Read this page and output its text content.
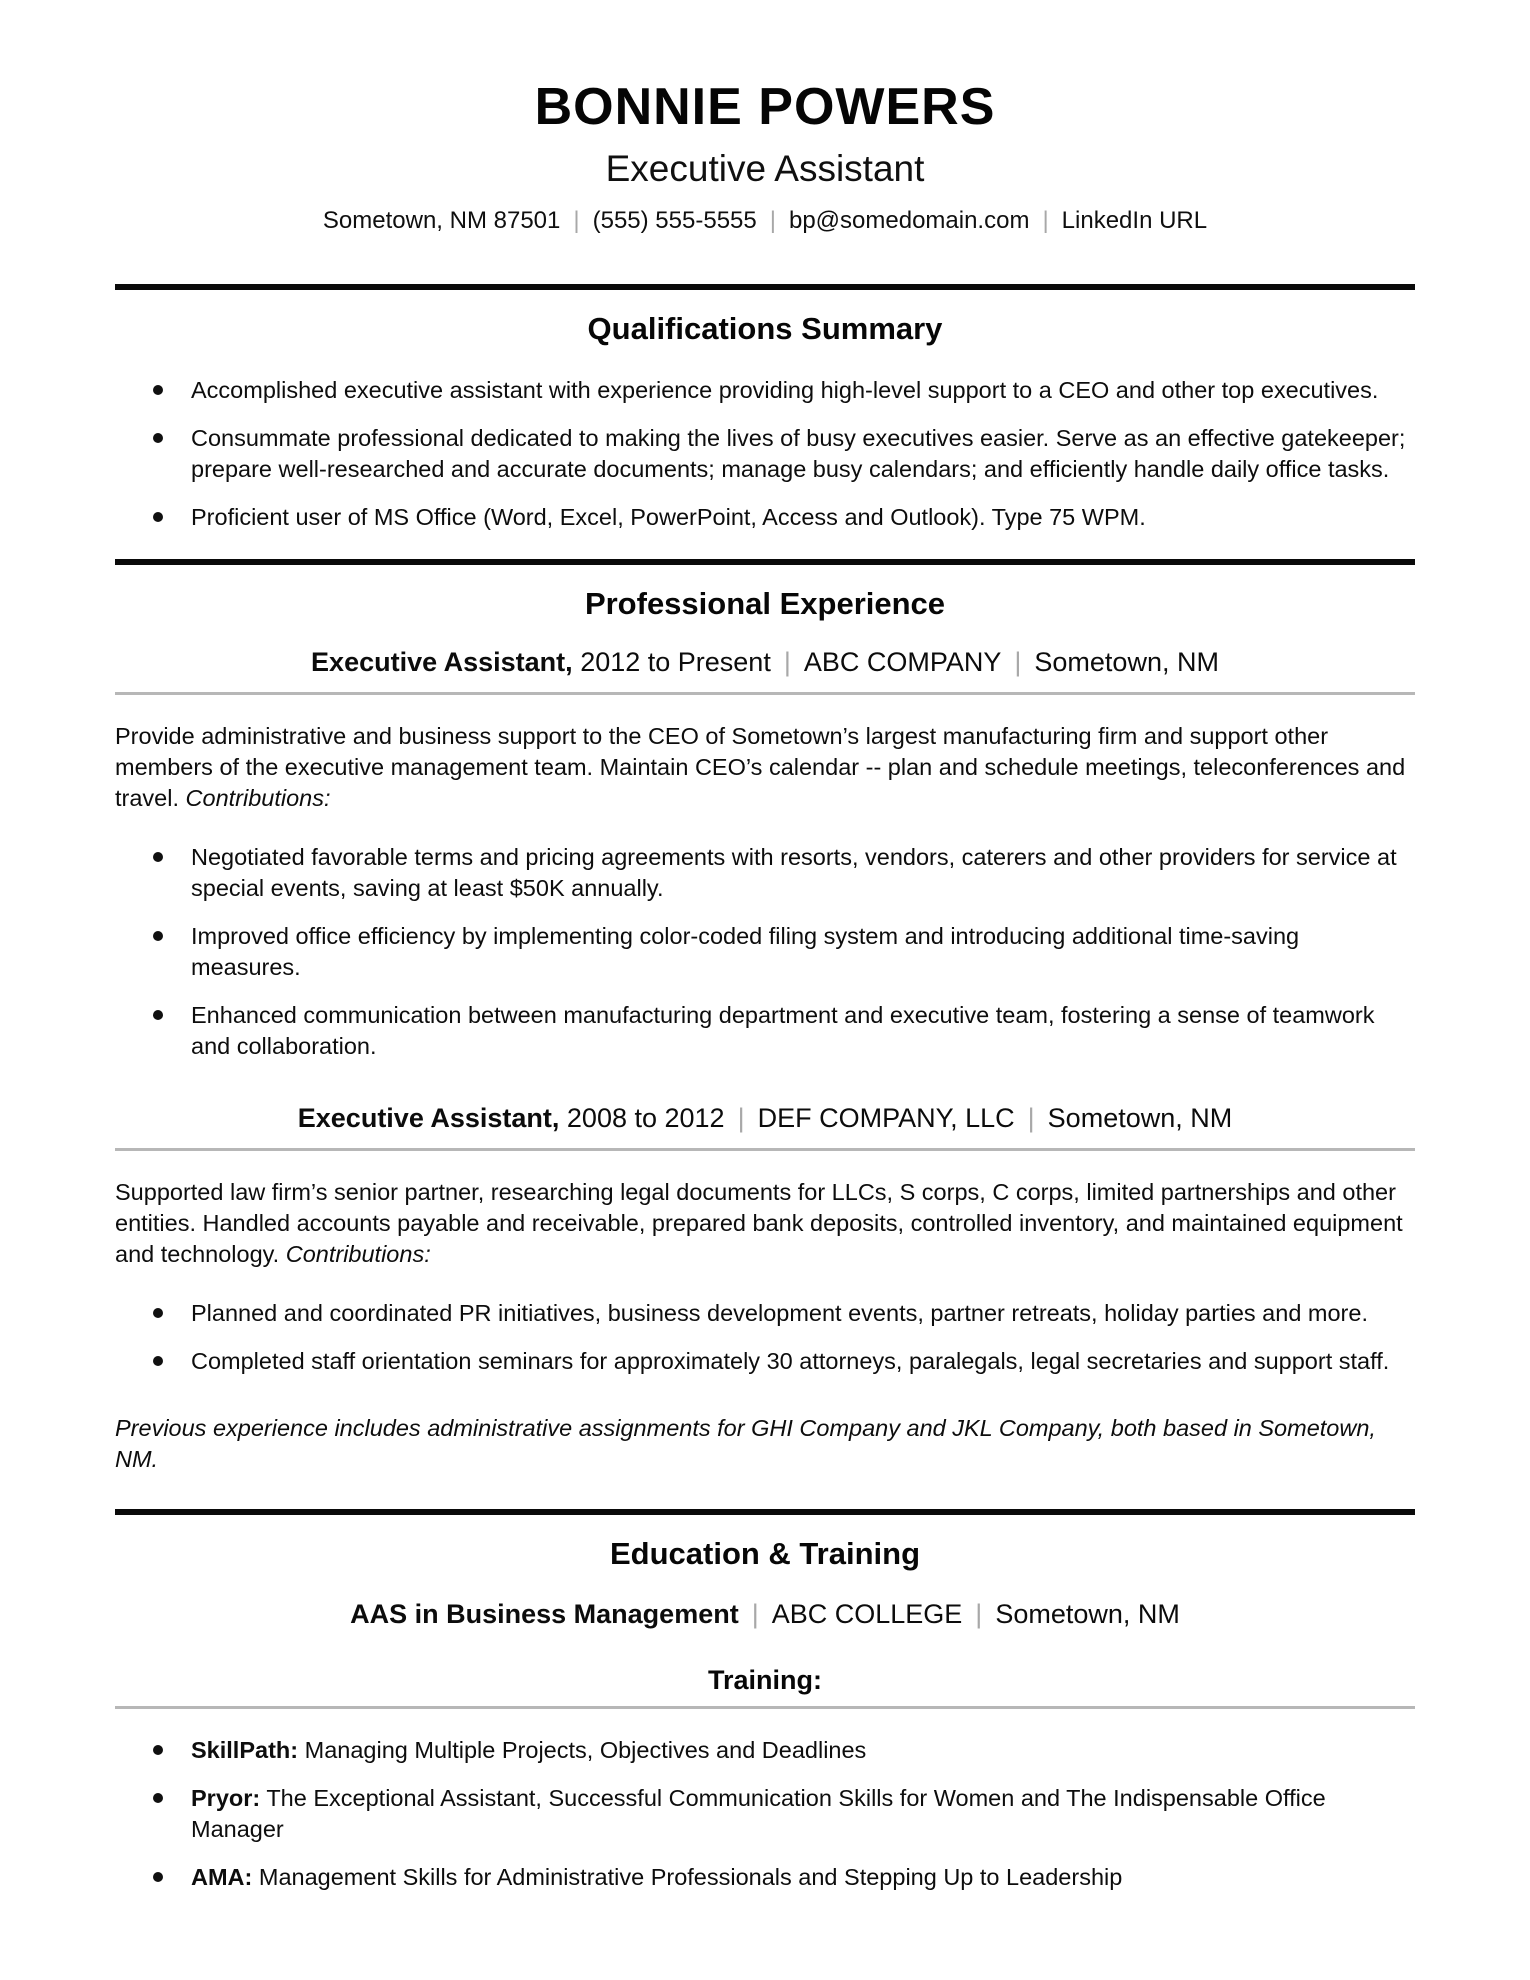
BONNIE POWERS
Executive Assistant
Sometown, NM 87501 | (555) 555-5555 | bp@somedomain.com | LinkedIn URL
Qualifications Summary
Accomplished executive assistant with experience providing high-level support to a CEO and other top executives.
Consummate professional dedicated to making the lives of busy executives easier. Serve as an effective gatekeeper; prepare well-researched and accurate documents; manage busy calendars; and efficiently handle daily office tasks.
Proficient user of MS Office (Word, Excel, PowerPoint, Access and Outlook). Type 75 WPM.
Professional Experience
Executive Assistant, 2012 to Present | ABC COMPANY | Sometown, NM

Provide administrative and business support to the CEO of Sometown’s largest manufacturing firm and support other members of the executive management team. Maintain CEO’s calendar -- plan and schedule meetings, teleconferences and travel. Contributions:

Negotiated favorable terms and pricing agreements with resorts, vendors, caterers and other providers for service at special events, saving at least $50K annually.
Improved office efficiency by implementing color-coded filing system and introducing additional time-saving measures.
Enhanced communication between manufacturing department and executive team, fostering a sense of teamwork and collaboration.
Executive Assistant, 2008 to 2012 | DEF COMPANY, LLC | Sometown, NM

Supported law firm’s senior partner, researching legal documents for LLCs, S corps, C corps, limited partnerships and other entities. Handled accounts payable and receivable, prepared bank deposits, controlled inventory, and maintained equipment and technology. Contributions:

Planned and coordinated PR initiatives, business development events, partner retreats, holiday parties and more.
Completed staff orientation seminars for approximately 30 attorneys, paralegals, legal secretaries and support staff.

Previous experience includes administrative assignments for GHI Company and JKL Company, both based in Sometown, NM.

Education & Training
AAS in Business Management | ABC COLLEGE | Sometown, NM
Training:
SkillPath: Managing Multiple Projects, Objectives and Deadlines
Pryor: The Exceptional Assistant, Successful Communication Skills for Women and The Indispensable Office Manager
AMA: Management Skills for Administrative Professionals and Stepping Up to Leadership
